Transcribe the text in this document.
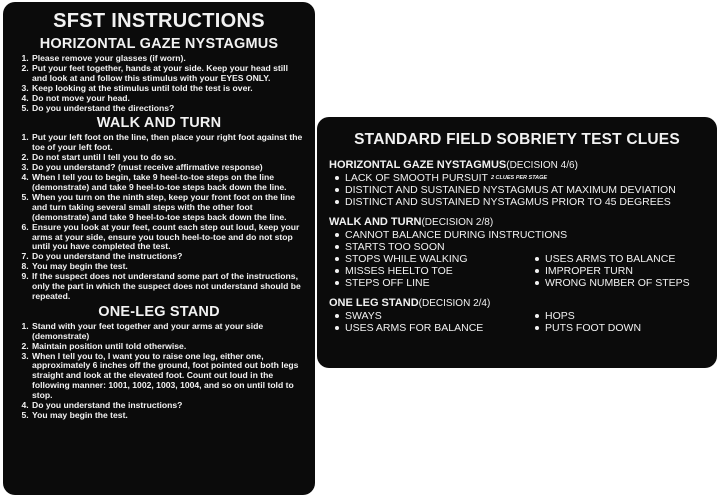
SFST INSTRUCTIONS
HORIZONTAL GAZE NYSTAGMUS
1. Please remove your glasses (if worn).
2. Put your feet together, hands at your side. Keep your head still and look at and follow this stimulus with your EYES ONLY.
3. Keep looking at the stimulus until told the test is over.
4. Do not move your head.
5. Do you understand the directions?
WALK AND TURN
1. Put your left foot on the line, then place your right foot against the toe of your left foot.
2. Do not start until I tell you to do so.
3. Do you understand? (must receive affirmative response)
4. When I tell you to begin, take 9 heel-to-toe steps on the line (demonstrate) and take 9 heel-to-toe steps back down the line.
5. When you turn on the ninth step, keep your front foot on the line and turn taking several small steps with the other foot (demonstrate) and take 9 heel-to-toe steps back down the line.
6. Ensure you look at your feet, count each step out loud, keep your arms at your side, ensure you touch heel-to-toe and do not stop until you have completed the test.
7. Do you understand the instructions?
8. You may begin the test.
9. If the suspect does not understand some part of the instructions, only the part in which the suspect does not understand should be repeated.
ONE-LEG STAND
1. Stand with your feet together and your arms at your side (demonstrate)
2. Maintain position until told otherwise.
3. When I tell you to, I want you to raise one leg, either one, approximately 6 inches off the ground, foot pointed out both legs straight and look at the elevated foot. Count out loud in the following manner: 1001, 1002, 1003, 1004, and so on until told to stop.
4. Do you understand the instructions?
5. You may begin the test.
STANDARD FIELD SOBRIETY TEST CLUES
HORIZONTAL GAZE NYSTAGMUS(DECISION 4/6)
LACK OF SMOOTH PURSUIT $^{2 CLUES PER STAGE}$
DISTINCT AND SUSTAINED NYSTAGMUS AT MAXIMUM DEVIATION
DISTINCT AND SUSTAINED NYSTAGMUS PRIOR TO 45 DEGREES
WALK AND TURN(DECISION 2/8)
CANNOT BALANCE DURING INSTRUCTIONS
STARTS TOO SOON
STOPS WHILE WALKING
MISSES HEELTO TOE
STEPS OFF LINE
USES ARMS TO BALANCE
IMPROPER TURN
WRONG NUMBER OF STEPS
ONE LEG STAND(DECISION 2/4)
SWAYS
USES ARMS FOR BALANCE
HOPS
PUTS FOOT DOWN
